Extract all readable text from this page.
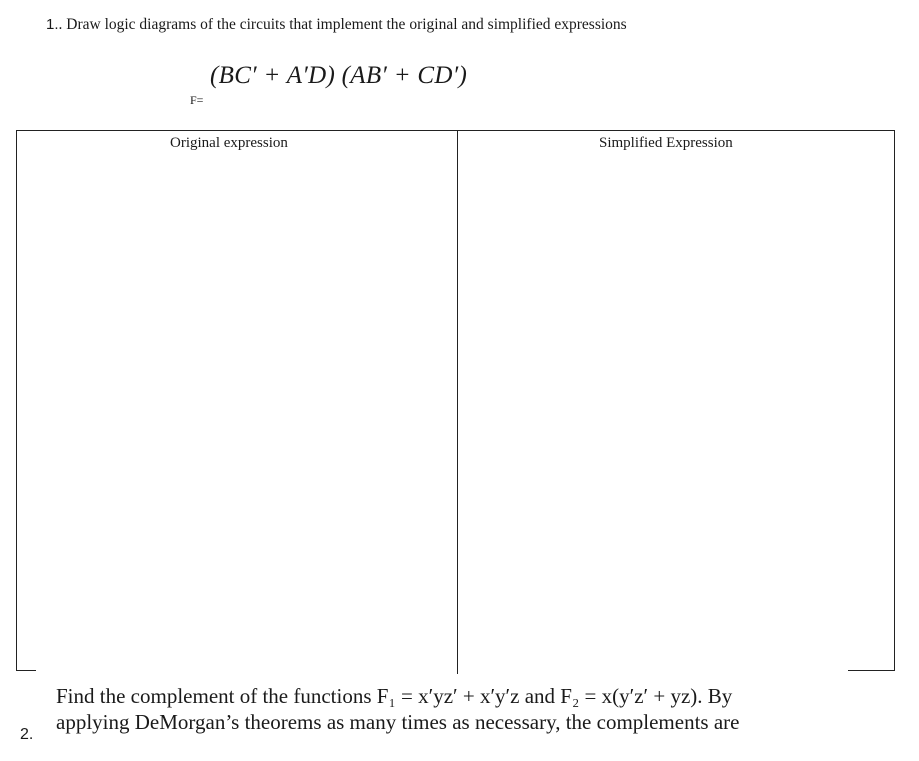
1.. Draw logic diagrams of the circuits that implement the original and simplified expressions
(BC′ + A′D) (AB′ + CD′)
F=
Original expression	Simplified Expression
Find the complement of the functions F₁ = x′yz′ + x′y′z and F₂ = x(y′z′ + yz). By
applying DeMorgan’s theorems as many times as necessary, the complements are
2.
